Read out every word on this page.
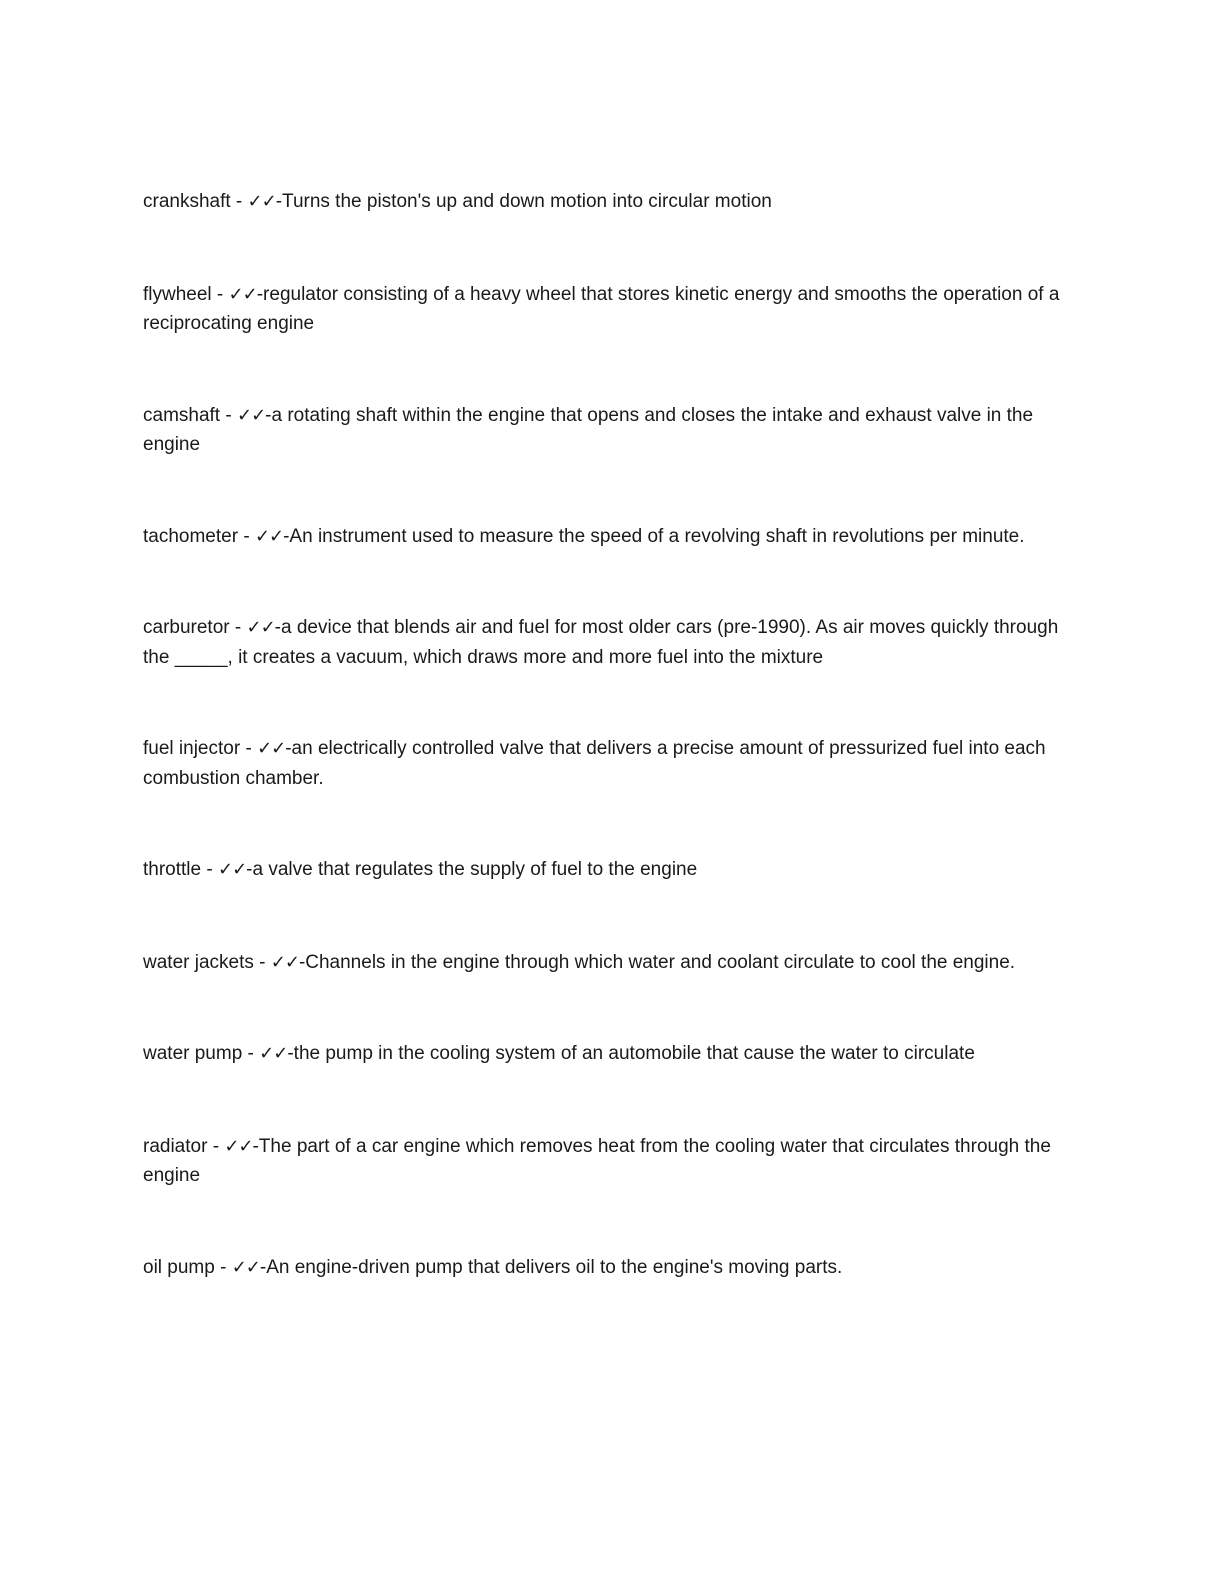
crankshaft - ✓✓-Turns the piston's up and down motion into circular motion
flywheel - ✓✓-regulator consisting of a heavy wheel that stores kinetic energy and smooths the operation of a reciprocating engine
camshaft - ✓✓-a rotating shaft within the engine that opens and closes the intake and exhaust valve in the engine
tachometer - ✓✓-An instrument used to measure the speed of a revolving shaft in revolutions per minute.
carburetor - ✓✓-a device that blends air and fuel for most older cars (pre-1990). As air moves quickly through the _____, it creates a vacuum, which draws more and more fuel into the mixture
fuel injector - ✓✓-an electrically controlled valve that delivers a precise amount of pressurized fuel into each combustion chamber.
throttle - ✓✓-a valve that regulates the supply of fuel to the engine
water jackets - ✓✓-Channels in the engine through which water and coolant circulate to cool the engine.
water pump - ✓✓-the pump in the cooling system of an automobile that cause the water to circulate
radiator - ✓✓-The part of a car engine which removes heat from the cooling water that circulates through the engine
oil pump - ✓✓-An engine-driven pump that delivers oil to the engine's moving parts.
